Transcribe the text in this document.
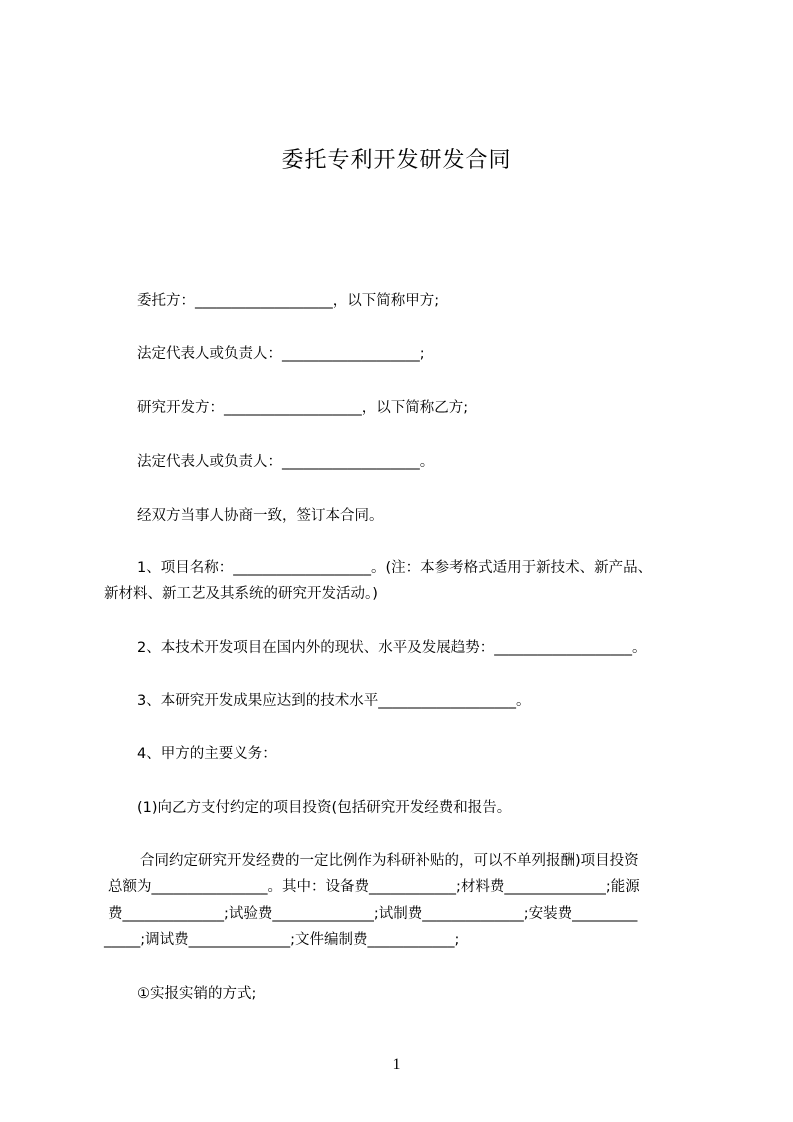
委托专利开发研发合同
委托方：___________________，以下简称甲方;
法定代表人或负责人：___________________;
研究开发方：___________________，以下简称乙方;
法定代表人或负责人：___________________。
经双方当事人协商一致，签订本合同。
1、项目名称：___________________。(注：本参考格式适用于新技术、新产品、
新材料、新工艺及其系统的研究开发活动。)
2、本技术开发项目在国内外的现状、水平及发展趋势：___________________。
3、本研究开发成果应达到的技术水平___________________。
4、甲方的主要义务：
(1)向乙方支付约定的项目投资(包括研究开发经费和报告。
合同约定研究开发经费的一定比例作为科研补贴的，可以不单列报酬)项目投资
总额为________________。其中：设备费____________;材料费______________;能源
费______________;试验费______________;试制费______________;安装费_________
_____;调试费______________;文件编制费____________;
①实报实销的方式;
1
